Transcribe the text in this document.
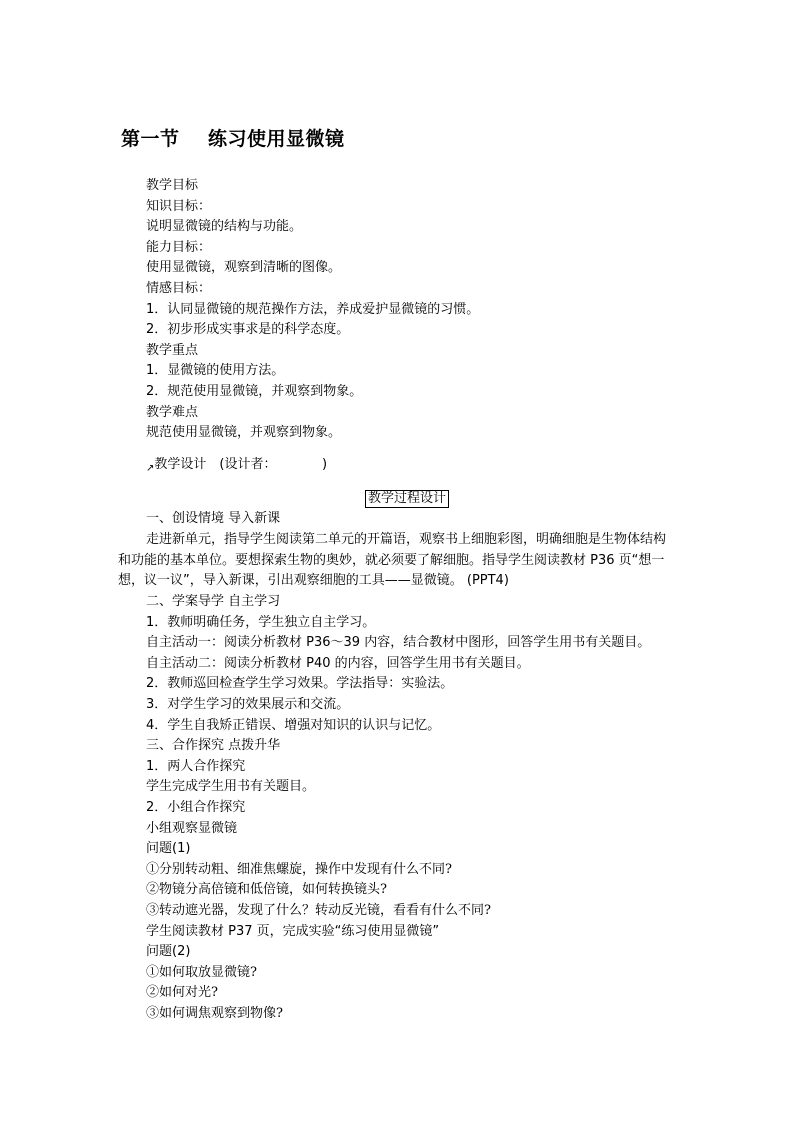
第一节    练习使用显微镜
教学目标
知识目标：
说明显微镜的结构与功能。
能力目标：
使用显微镜，观察到清晰的图像。
情感目标：
1．认同显微镜的规范操作方法，养成爱护显微镜的习惯。
2．初步形成实事求是的科学态度。
教学重点
1．显微镜的使用方法。
2．规范使用显微镜，并观察到物象。
教学难点
规范使用显微镜，并观察到物象。
$_↗$教学设计　(设计者：　　　　)
教学过程设计
一、创设情境 导入新课
走进新单元，指导学生阅读第二单元的开篇语，观察书上细胞彩图，明确细胞是生物体结构和功能的基本单位。要想探索生物的奥妙，就必须要了解细胞。指导学生阅读教材 P36 页“想一想，议一议”，导入新课，引出观察细胞的工具——显微镜。 (PPT4)
二、学案导学 自主学习
1．教师明确任务，学生独立自主学习。
自主活动一：阅读分析教材 P36～39 内容，结合教材中图形，回答学生用书有关题目。
自主活动二：阅读分析教材 P40 的内容，回答学生用书有关题目。
2．教师巡回检查学生学习效果。学法指导：实验法。
3．对学生学习的效果展示和交流。
4．学生自我矫正错误、增强对知识的认识与记忆。
三、合作探究 点拨升华
1．两人合作探究
学生完成学生用书有关题目。
2．小组合作探究
小组观察显微镜
问题(1)
①分别转动粗、细准焦螺旋，操作中发现有什么不同?
②物镜分高倍镜和低倍镜，如何转换镜头?
③转动遮光器，发现了什么？转动反光镜，看看有什么不同?
学生阅读教材 P37 页，完成实验“练习使用显微镜”
问题(2)
①如何取放显微镜?
②如何对光?
③如何调焦观察到物像?
